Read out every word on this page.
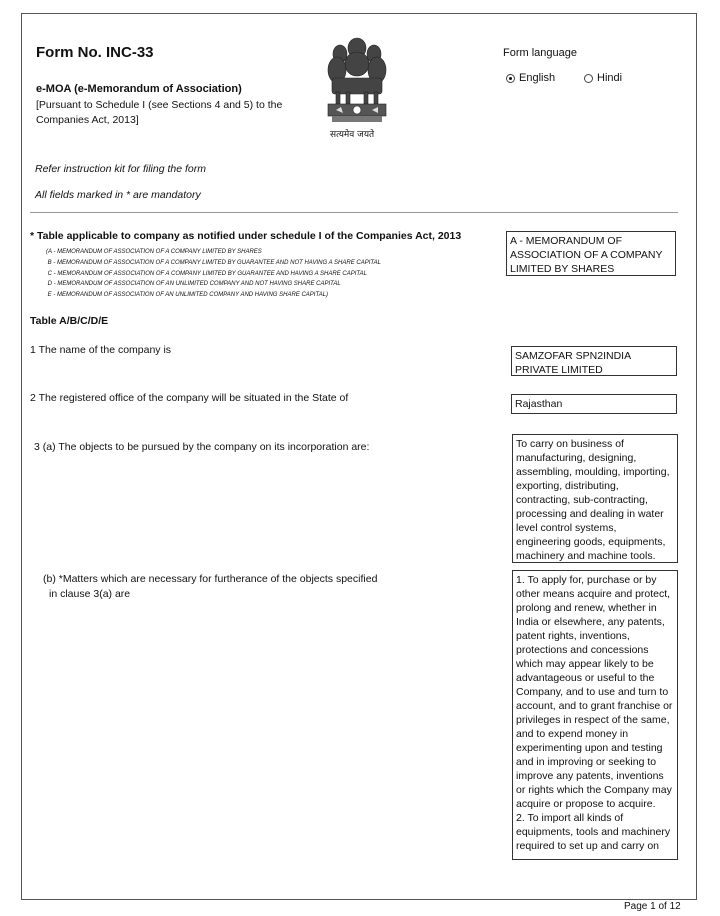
Form No. INC-33
e-MOA (e-Memorandum of Association)
[Pursuant to Schedule I (see Sections 4 and 5) to the Companies Act, 2013]
सत्यमेव जयते
Form language
English	Hindi
Refer instruction kit for filing the form
All fields marked in * are mandatory
* Table applicable to company as notified under schedule I of the Companies Act, 2013
(A - MEMORANDUM OF ASSOCIATION OF A COMPANY LIMITED BY SHARES
B - MEMORANDUM OF ASSOCIATION OF A COMPANY LIMITED BY GUARANTEE AND NOT HAVING A SHARE CAPITAL
C - MEMORANDUM OF ASSOCIATION OF A COMPANY LIMITED BY GUARANTEE AND HAVING A SHARE CAPITAL
D - MEMORANDUM OF ASSOCIATION OF AN UNLIMITED COMPANY AND NOT HAVING SHARE CAPITAL
E - MEMORANDUM OF ASSOCIATION OF AN UNLIMITED COMPANY AND HAVING SHARE CAPITAL)
A - MEMORANDUM OF ASSOCIATION OF A COMPANY LIMITED BY SHARES
Table A/B/C/D/E
1 The name of the company is	SAMZOFAR SPN2INDIA PRIVATE LIMITED
2 The registered office of the company will be situated in the State of	Rajasthan
3 (a) The objects to be pursued by the company on its incorporation are:	To carry on business of manufacturing, designing, assembling, moulding, importing, exporting, distributing, contracting, sub-contracting, processing and dealing in water level control systems, engineering goods, equipments, machinery and machine tools.
(b) *Matters which are necessary for furtherance of the objects specified
in clause 3(a) are
1. To apply for, purchase or by other means acquire and protect, prolong and renew, whether in India or elsewhere, any patents, patent rights, inventions, protections and concessions which may appear likely to be advantageous or useful to the Company, and to use and turn to account, and to grant franchise or privileges in respect of the same, and to expend money in experimenting upon and testing and in improving or seeking to improve any patents, inventions or rights which the Company may acquire or propose to acquire.
2. To import all kinds of equipments, tools and machinery required to set up and carry on
Page 1 of 12
